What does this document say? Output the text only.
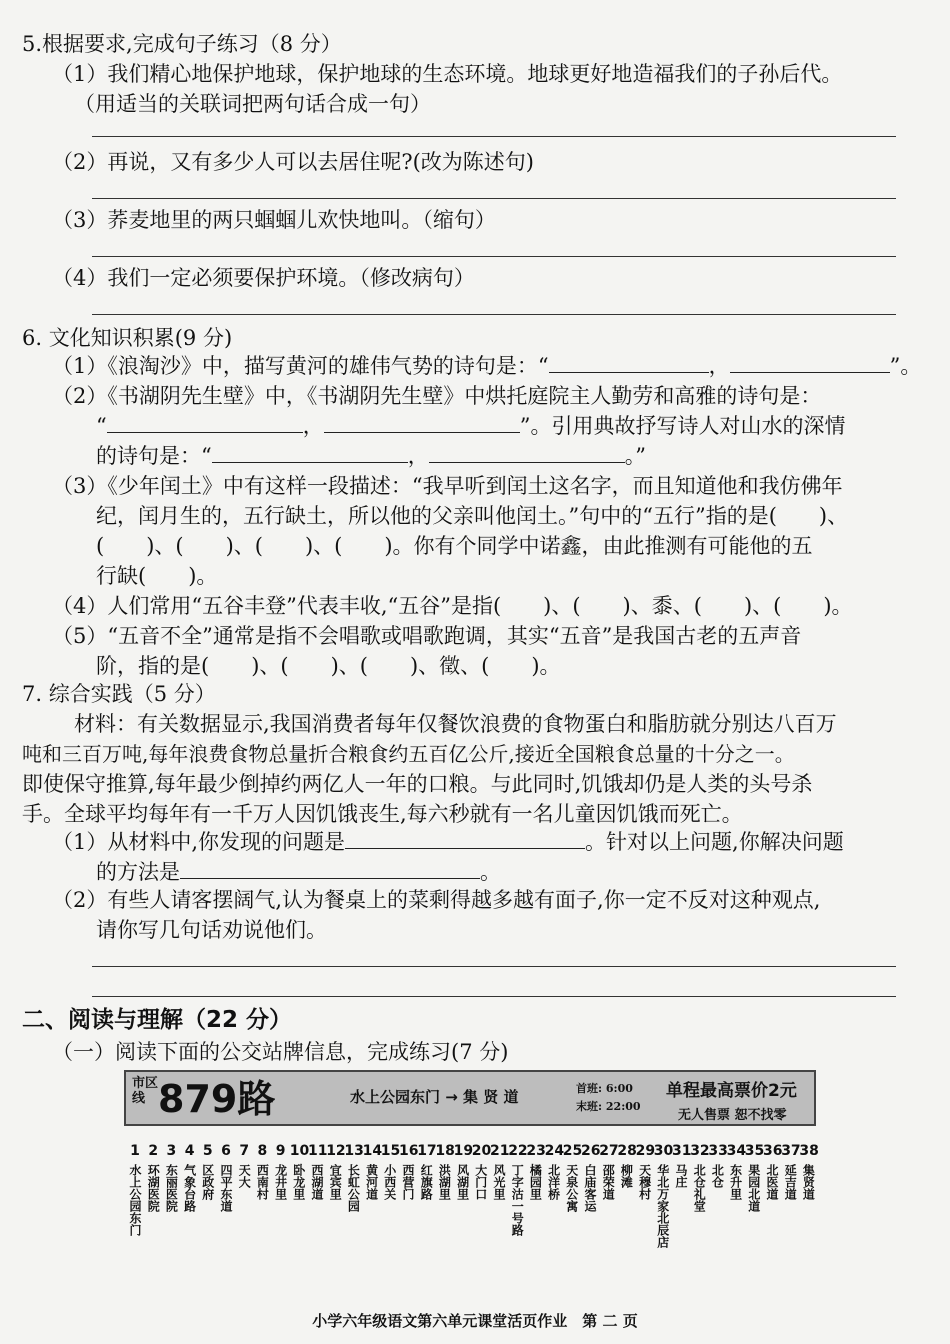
5.根据要求,完成句子练习（8 分）
（1）我们精心地保护地球，保护地球的生态环境。地球更好地造福我们的子孙后代。
（用适当的关联词把两句话合成一句）
（2）再说，又有多少人可以去居住呢?(改为陈述句)
（3）荞麦地里的两只蝈蝈儿欢快地叫。（缩句）
（4）我们一定必须要保护环境。（修改病句）
6. 文化知识积累(9 分)
（1）《浪淘沙》中，描写黄河的雄伟气势的诗句是：“	，	”。
（2）《书湖阴先生壁》中，《书湖阴先生壁》中烘托庭院主人勤劳和高雅的诗句是：
“	，	”。引用典故抒写诗人对山水的深情
的诗句是：“	，	。”
（3）《少年闰土》中有这样一段描述：“我早听到闰土这名字，而且知道他和我仿佛年
纪，闰月生的，五行缺土，所以他的父亲叫他闰土。”句中的“五行”指的是(　　)、
(　　)、(　　)、(　　)、(　　)。你有个同学中诺鑫，由此推测有可能他的五
行缺(　　)。
（4）人们常用“五谷丰登”代表丰收,“五谷”是指(　　)、(　　)、黍、(　　)、(　　)。
（5）“五音不全”通常是指不会唱歌或唱歌跑调，其实“五音”是我国古老的五声音
阶，指的是(　　)、(　　)、(　　)、徵、(　　)。
7. 综合实践（5 分）
材料：有关数据显示,我国消费者每年仅餐饮浪费的食物蛋白和脂肪就分别达八百万
吨和三百万吨,每年浪费食物总量折合粮食约五百亿公斤,接近全国粮食总量的十分之一。
即使保守推算,每年最少倒掉约两亿人一年的口粮。与此同时,饥饿却仍是人类的头号杀
手。全球平均每年有一千万人因饥饿丧生,每六秒就有一名儿童因饥饿而死亡。
（1）从材料中,你发现的问题是	。针对以上问题,你解决问题
的方法是	。
（2）有些人请客摆阔气,认为餐桌上的菜剩得越多越有面子,你一定不反对这种观点,
请你写几句话劝说他们。
二、阅读与理解（22 分）
（一）阅读下面的公交站牌信息，完成练习(7 分)
市区线 879路	水上公园东门 → 集 贤 道	首班: 6:00
末班: 22:00
单程最高票价2元
无人售票 恕不找零
1
水上公园东门
2
环湖医院
3
东丽医院
4
气象台路
5
区政府
6
四平东道
7
天大
8
西南村
9
龙井里
10
卧龙里
11
西湖道
12
宜宾里
13
长虹公园
14
黄河道
15
小西关
16
西营门
17
红旗路
18
洪湖里
19
风湖里
20
大门口
21
风光里
22
丁字沽一号路
23
橘园里
24
北洋桥
25
天泉公寓
26
白庙客运
27
邵荣道
28
柳滩
29
天穆村
30
华北万家北辰店
31
马庄
32
北仓礼堂
33
北仓
34
东升里
35
果园北道
36
北医道
37
延吉道
38
集贤道
小学六年级语文第六单元课堂活页作业　第 二 页
